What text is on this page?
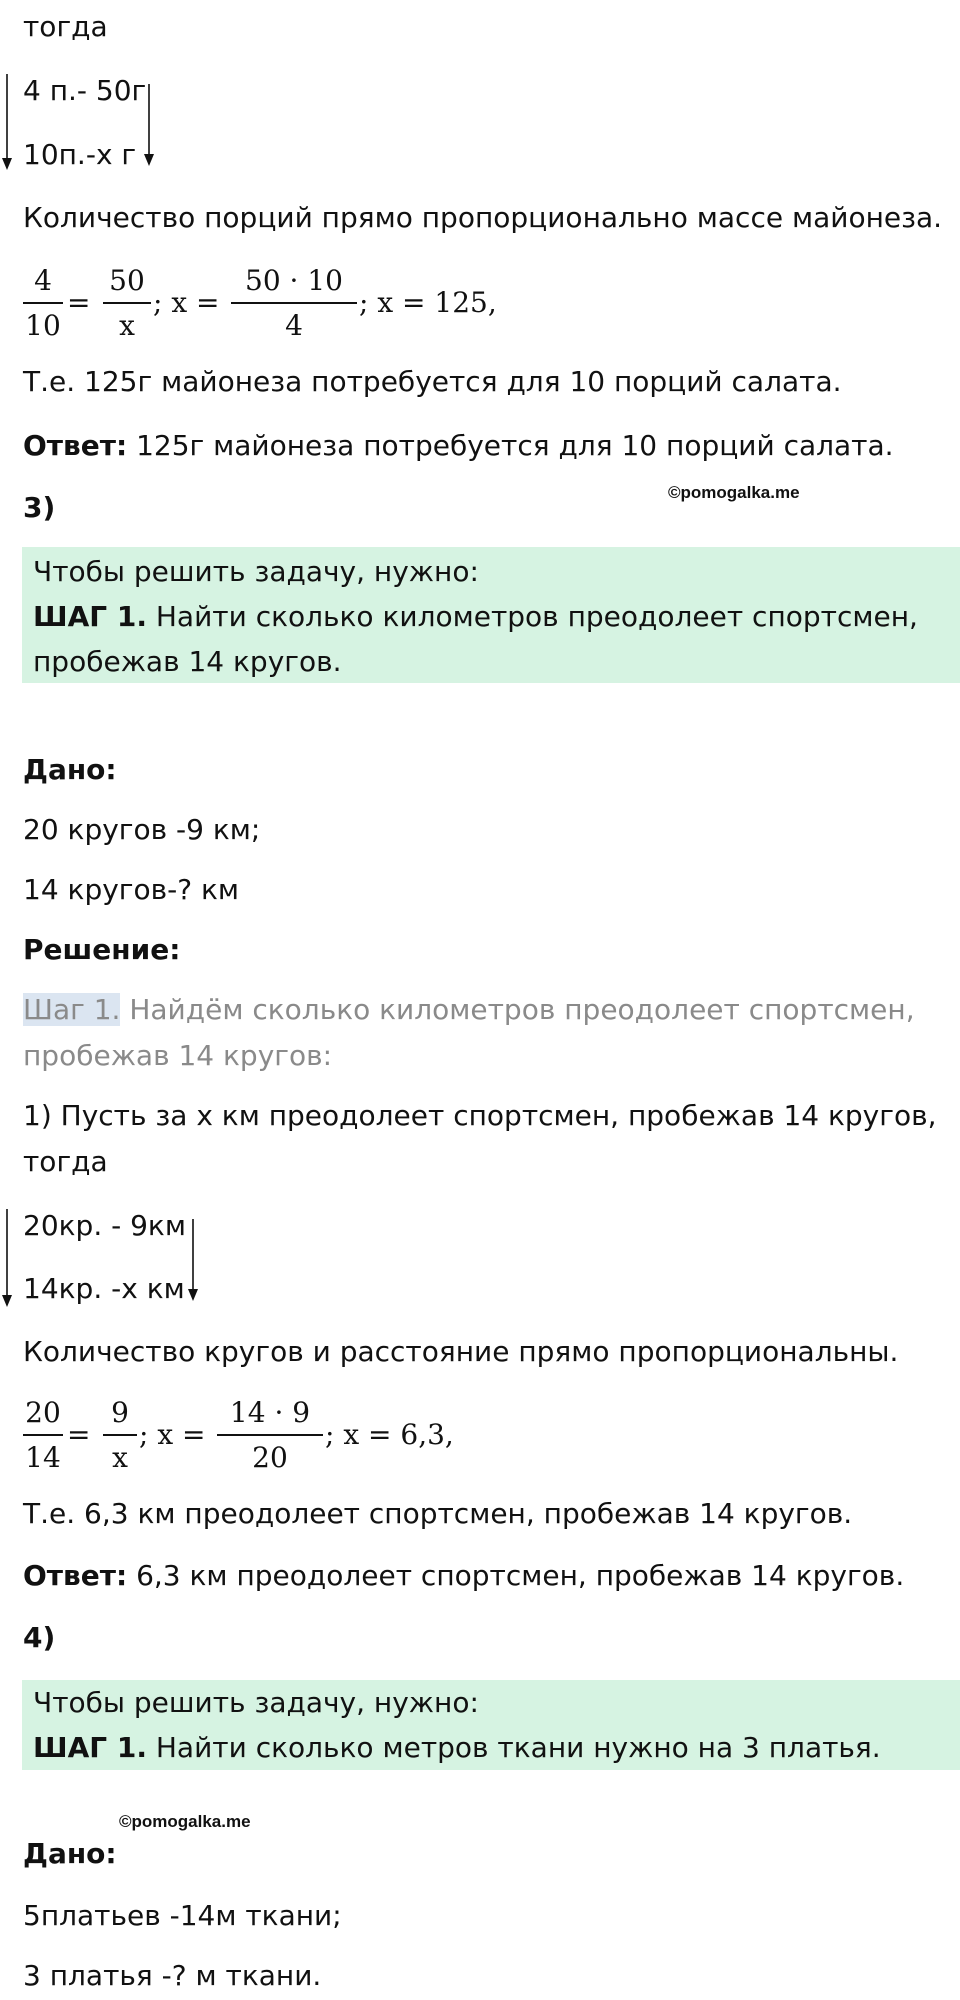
тогда
4 п.- 50г
10п.-х г
Количество порций прямо пропорционально массе майонеза.
4
10
=
50
x
; x =
50 · 10
4
; x = 125,
Т.е. 125г майонеза потребуется для 10 порций салата.
Ответ: 125г майонеза потребуется для 10 порций салата.
3)	©pomogalka.me
Чтобы решить задачу, нужно:
ШАГ 1. Найти сколько километров преодолеет спортсмен,
пробежав 14 кругов.
Дано:
20 кругов -9 км;
14 кругов-? км
Решение:
Шаг 1. Найдём сколько километров преодолеет спортсмен,
пробежав 14 кругов:
1) Пусть за х км преодолеет спортсмен, пробежав 14 кругов,
тогда
20кр. - 9км
14кр. -х км
Количество кругов и расстояние прямо пропорциональны.
20
14
=
9
x
; x =
14 · 9
20
; x = 6,3,
Т.е. 6,3 км преодолеет спортсмен, пробежав 14 кругов.
Ответ: 6,3 км преодолеет спортсмен, пробежав 14 кругов.
4)
Чтобы решить задачу, нужно:
ШАГ 1. Найти сколько метров ткани нужно на 3 платья.
©pomogalka.me
Дано:
5платьев -14м ткани;
3 платья -? м ткани.
